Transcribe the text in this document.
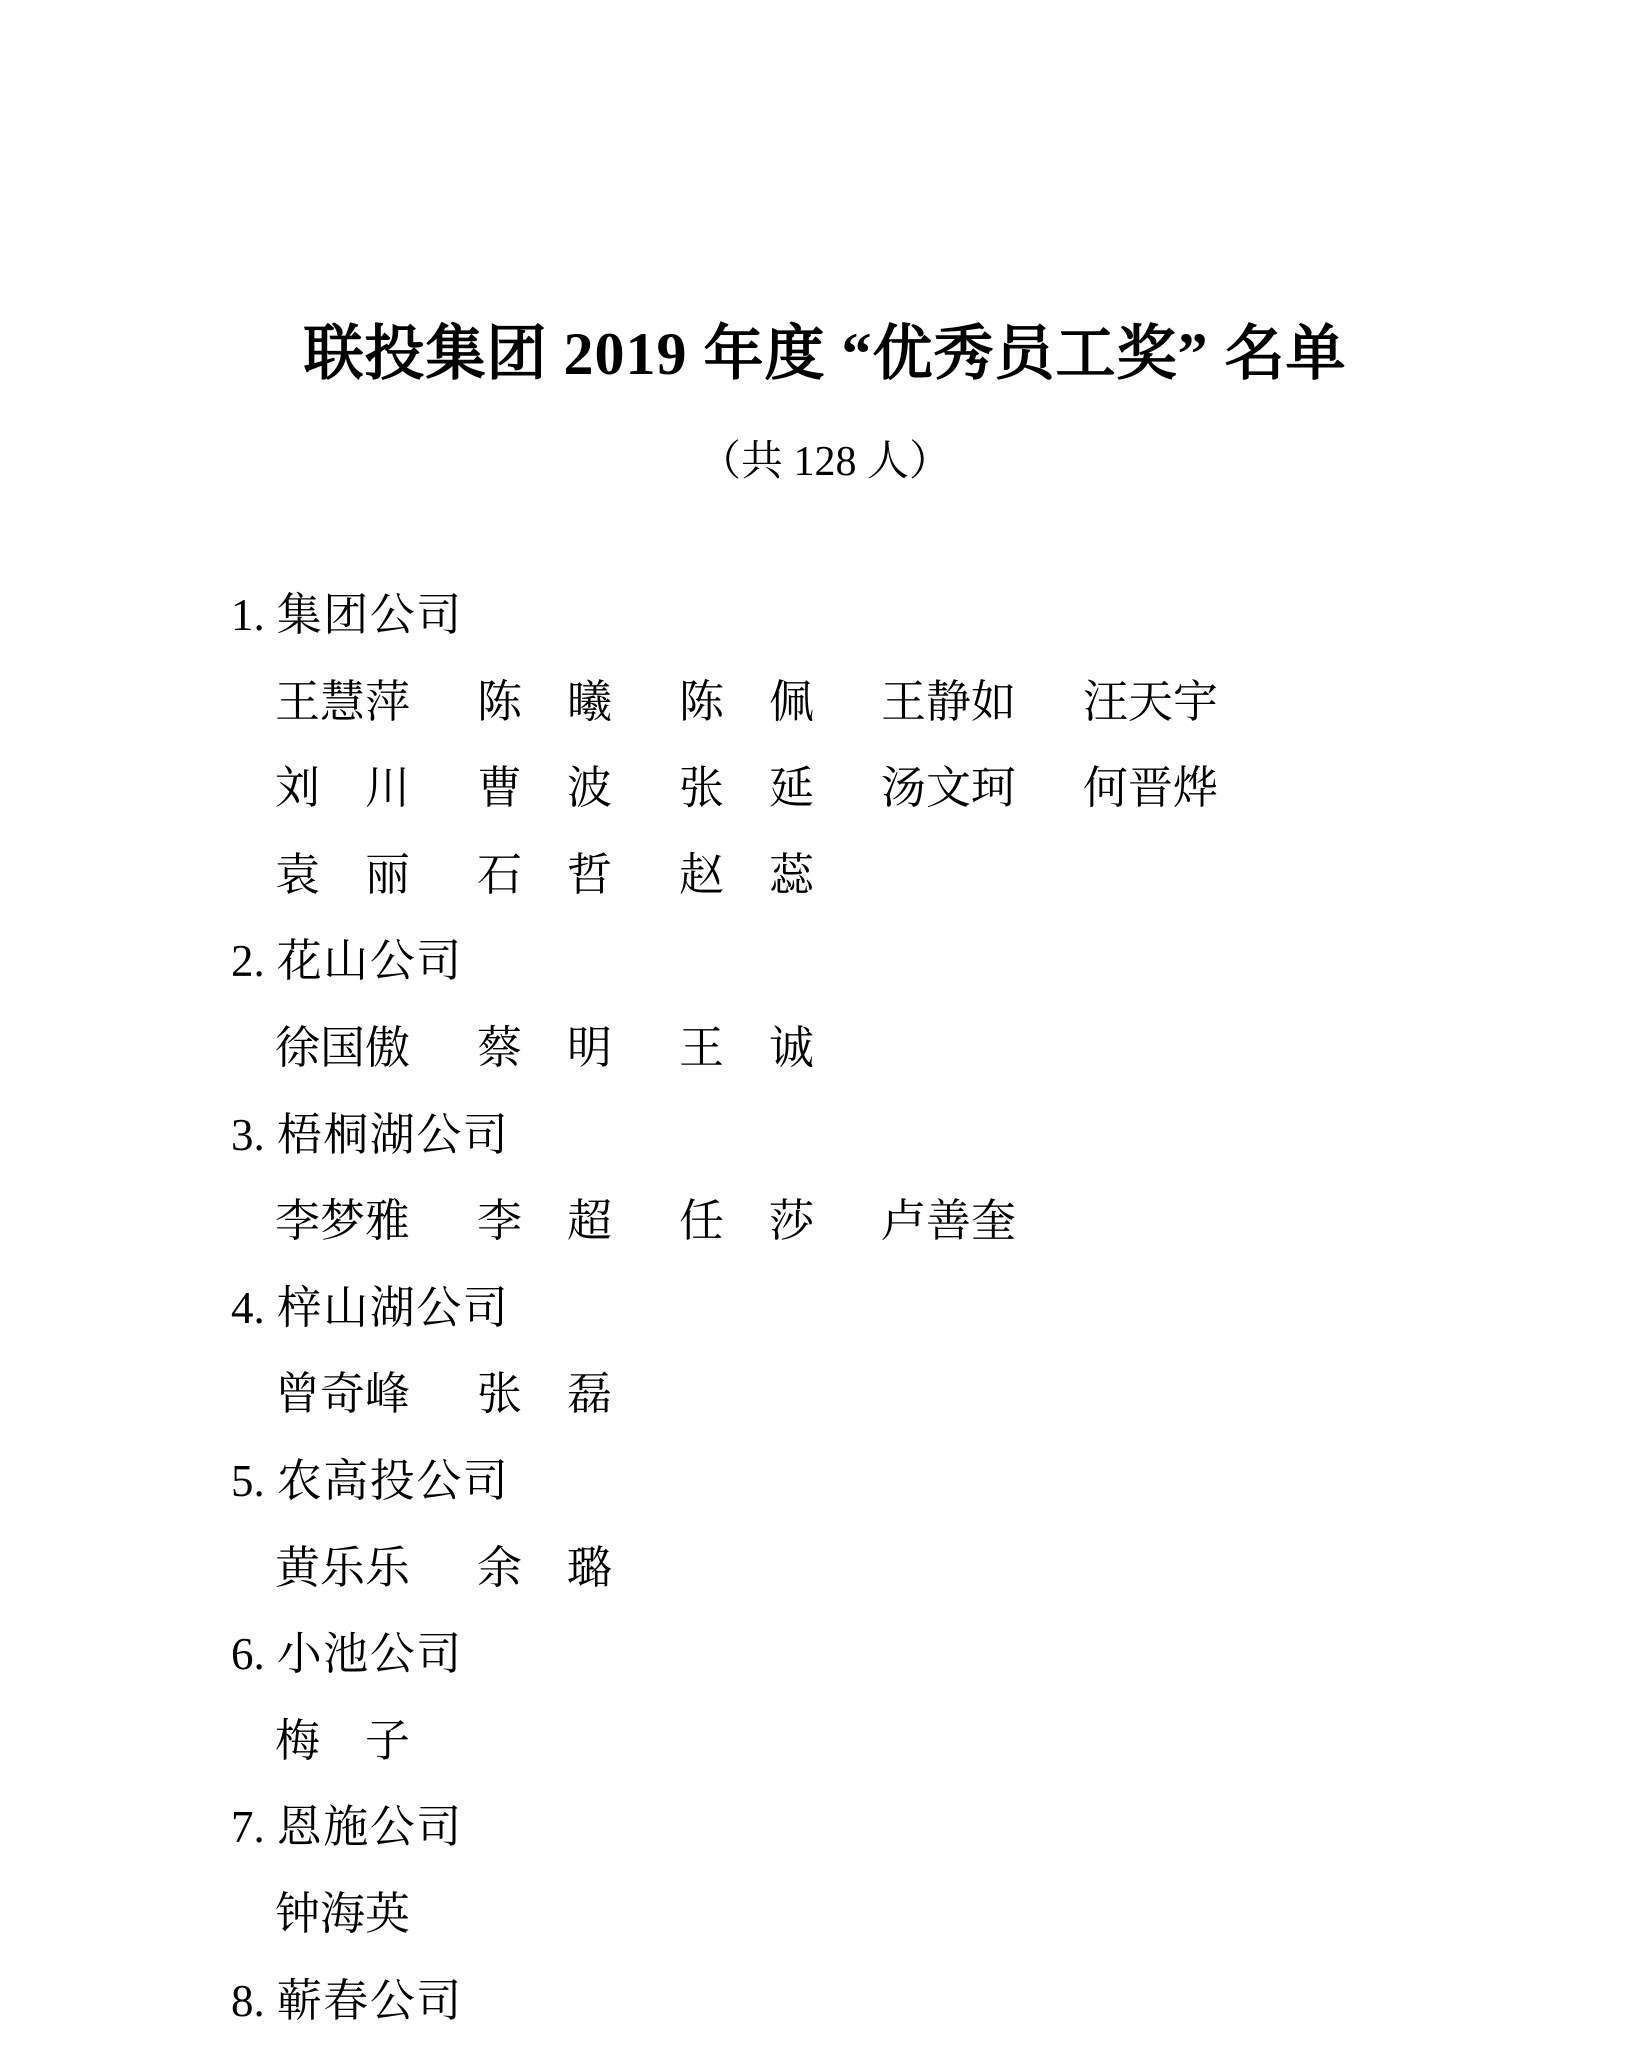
联投集团 2019 年度 “优秀员工奖” 名单
（共 128 人）
1. 集团公司
王 慧 萍 陈 曦 陈 佩 王 静 如 汪 天 宇
刘 川 曹 波 张 延 汤 文 珂 何 晋 烨
袁 丽 石 哲 赵 蕊
2. 花山公司
徐 国 傲 蔡 明 王 诚
3. 梧桐湖公司
李 梦 雅 李 超 任 莎 卢 善 奎
4. 梓山湖公司
曾 奇 峰 张 磊
5. 农高投公司
黄 乐 乐 余 璐
6. 小池公司
梅 子
7. 恩施公司
钟 海 英
8. 蕲春公司
